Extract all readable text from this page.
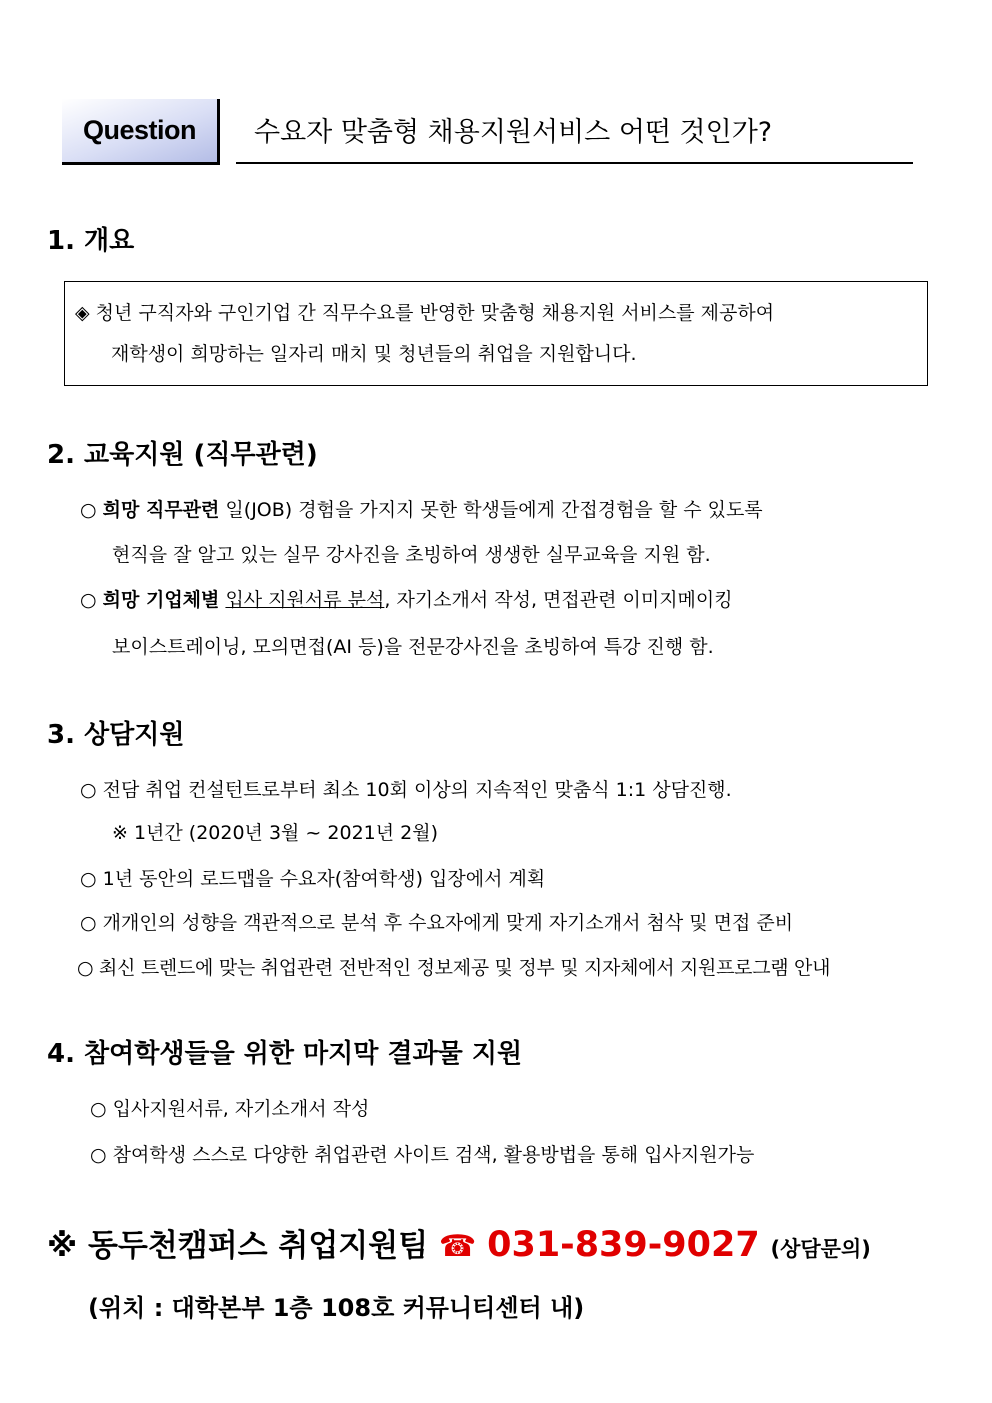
Question	수요자 맞춤형 채용지원서비스 어떤 것인가?
1. 개요
◈ 청년 구직자와 구인기업 간 직무수요를 반영한 맞춤형 채용지원 서비스를 제공하여
재학생이 희망하는 일자리 매치 및 청년들의 취업을 지원합니다.
2. 교육지원 (직무관련)
○ 희망 직무관련 일(JOB) 경험을 가지지 못한 학생들에게 간접경험을 할 수 있도록
현직을 잘 알고 있는 실무 강사진을 초빙하여 생생한 실무교육을 지원 함.
○ 희망 기업체별 입사 지원서류 분석, 자기소개서 작성, 면접관련 이미지메이킹
보이스트레이닝, 모의면접(AI 등)을 전문강사진을 초빙하여 특강 진행 함.
3. 상담지원
○ 전담 취업 컨설턴트로부터 최소 10회 이상의 지속적인 맞춤식 1:1 상담진행.
※ 1년간 (2020년 3월 ~ 2021년 2월)
○ 1년 동안의 로드맵을 수요자(참여학생) 입장에서 계획
○ 개개인의 성향을 객관적으로 분석 후 수요자에게 맞게 자기소개서 첨삭 및 면접 준비
○ 최신 트렌드에 맞는 취업관련 전반적인 정보제공 및 정부 및 지자체에서 지원프로그램 안내
4. 참여학생들을 위한 마지막 결과물 지원
○ 입사지원서류, 자기소개서 작성
○ 참여학생 스스로 다양한 취업관련 사이트 검색, 활용방법을 통해 입사지원가능
※ 동두천캠퍼스 취업지원팀 ☎ 031-839-9027 (상담문의)
(위치 : 대학본부 1층 108호 커뮤니티센터 내)
